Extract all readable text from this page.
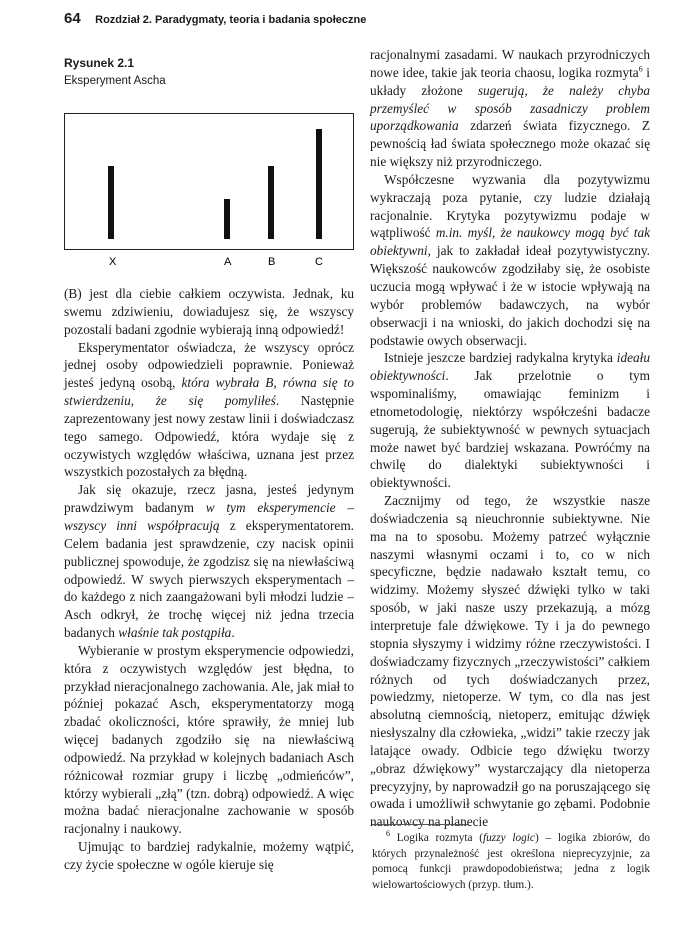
64 Rozdział 2. Paradygmaty, teoria i badania społeczne
Rysunek 2.1
Eksperyment Ascha
X	A	B	C

(B) jest dla ciebie całkiem oczywista. Jednak, ku swemu zdziwieniu, dowiadujesz się, że wszyscy pozostali badani zgodnie wybierają inną odpowiedź!

Eksperymentator oświadcza, że wszyscy oprócz jednej osoby odpowiedzieli poprawnie. Ponieważ jesteś jedyną osobą, która wybrała B, równa się to stwierdzeniu, że się pomyliłeś. Następnie zaprezentowany jest nowy zestaw linii i doświadczasz tego samego. Odpowiedź, która wydaje się z oczywistych względów właściwa, uznana jest przez wszystkich pozostałych za błędną.

Jak się okazuje, rzecz jasna, jesteś jedynym prawdziwym badanym w tym eksperymencie – wszyscy inni współpracują z eksperymentatorem. Celem badania jest sprawdzenie, czy nacisk opinii publicznej spowoduje, że zgodzisz się na niewłaściwą odpowiedź. W swych pierwszych eksperymentach – do każdego z nich zaangażowani byli młodzi ludzie – Asch odkrył, że trochę więcej niż jedna trzecia badanych właśnie tak postąpiła.

Wybieranie w prostym eksperymencie odpowiedzi, która z oczywistych względów jest błędna, to przykład nieracjonalnego zachowania. Ale, jak miał to później pokazać Asch, eksperymentatorzy mogą zbadać okoliczności, które sprawiły, że mniej lub więcej badanych zgodziło się na niewłaściwą odpowiedź. Na przykład w kolejnych badaniach Asch różnicował rozmiar grupy i liczbę „odmieńców”, którzy wybierali „złą” (tzn. dobrą) odpowiedź. A więc można badać nieracjonalne zachowanie w sposób racjonalny i naukowy.

Ujmując to bardziej radykalnie, możemy wątpić, czy życie społeczne w ogóle kieruje się

racjonalnymi zasadami. W naukach przyrodniczych nowe idee, takie jak teoria chaosu, logika rozmyta$^6$ i układy złożone sugerują, że należy chyba przemyśleć w sposób zasadniczy problem uporządkowania zdarzeń świata fizycznego. Z pewnością ład świata społecznego może okazać się nie większy niż przyrodniczego.

Współczesne wyzwania dla pozytywizmu wykraczają poza pytanie, czy ludzie działają racjonalnie. Krytyka pozytywizmu podaje w wątpliwość m.in. myśl, że naukowcy mogą być tak obiektywni, jak to zakładał ideał pozytywistyczny. Większość naukowców zgodziłaby się, że osobiste uczucia mogą wpływać i że w istocie wpływają na wybór problemów badawczych, na wybór obserwacji i na wnioski, do jakich dochodzi się na podstawie owych obserwacji.

Istnieje jeszcze bardziej radykalna krytyka ideału obiektywności. Jak przelotnie o tym wspominaliśmy, omawiając feminizm i etnometodologię, niektórzy współcześni badacze sugerują, że subiektywność w pewnych sytuacjach może nawet być bardziej wskazana. Powróćmy na chwilę do dialektyki subiektywności i obiektywności.

Zacznijmy od tego, że wszystkie nasze doświadczenia są nieuchronnie subiektywne. Nie ma na to sposobu. Możemy patrzeć wyłącznie naszymi własnymi oczami i to, co w nich specyficzne, będzie nadawało kształt temu, co widzimy. Możemy słyszeć dźwięki tylko w taki sposób, w jaki nasze uszy przekazują, a mózg interpretuje fale dźwiękowe. Ty i ja do pewnego stopnia słyszymy i widzimy różne rzeczywistości. I doświadczamy fizycznych „rzeczywistości” całkiem różnych od tych doświadczanych przez, powiedzmy, nietoperze. W tym, co dla nas jest absolutną ciemnością, nietoperz, emitując dźwięk niesłyszalny dla człowieka, „widzi” takie rzeczy jak latające owady. Odbicie tego dźwięku tworzy „obraz dźwiękowy” wystarczający dla nietoperza precyzyjny, by naprowadził go na poruszającego się owada i umożliwił schwytanie go zębami. Podobnie naukowcy na planecie

$^6$ Logika rozmyta (fuzzy logic) – logika zbiorów, do których przynależność jest określona nieprecyzyjnie, za pomocą funkcji prawdopodobieństwa; jedna z logik wielowartościowych (przyp. tłum.).
